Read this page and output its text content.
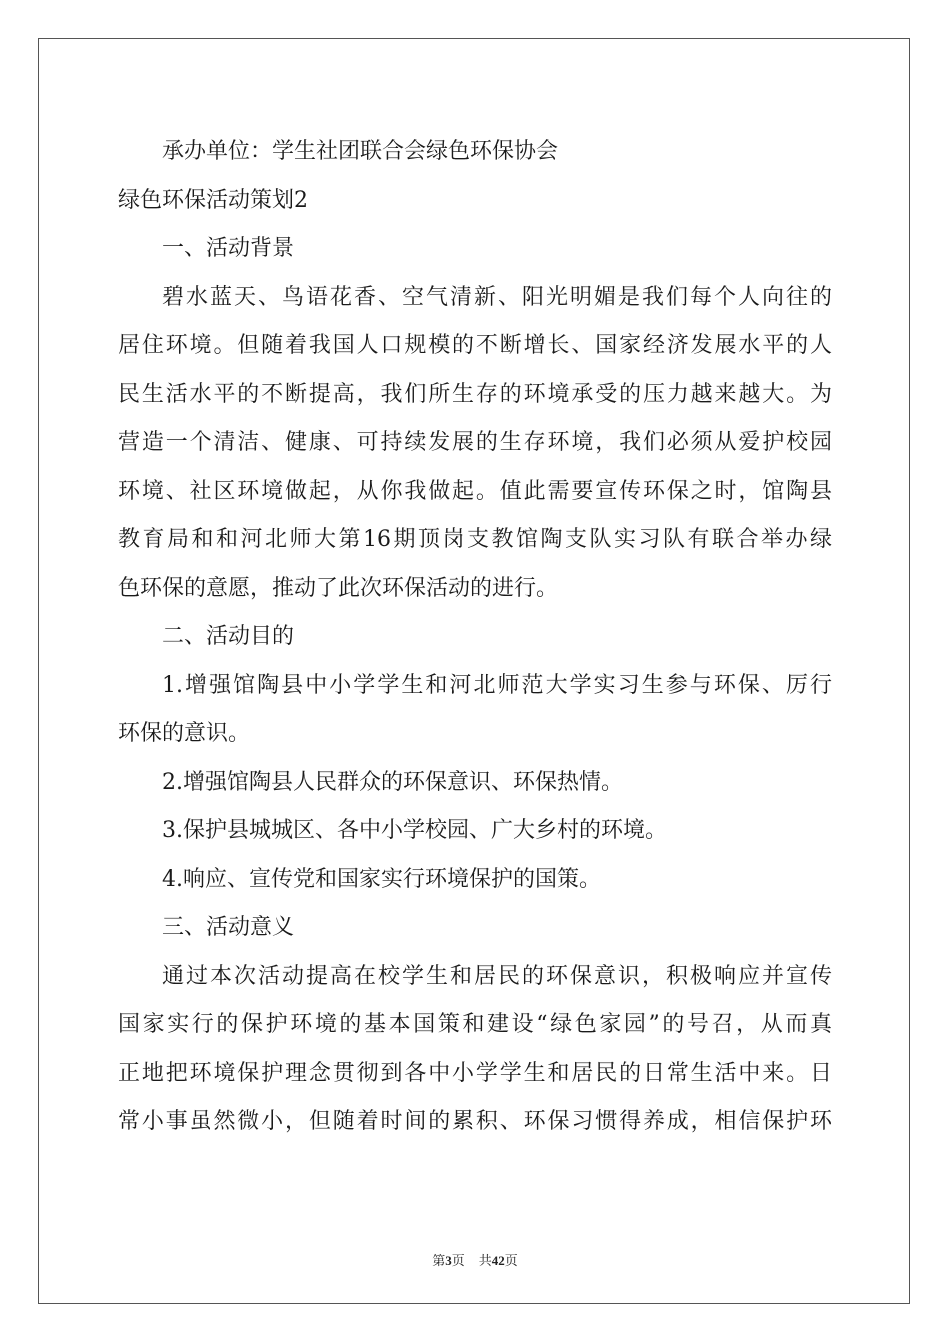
承办单位：学生社团联合会绿色环保协会
绿色环保活动策划2
一、活动背景
碧水蓝天、鸟语花香、空气清新、阳光明媚是我们每个人向往的
居住环境。但随着我国人口规模的不断增长、国家经济发展水平的人
民生活水平的不断提高，我们所生存的环境承受的压力越来越大。为
营造一个清洁、健康、可持续发展的生存环境，我们必须从爱护校园
环境、社区环境做起，从你我做起。值此需要宣传环保之时，馆陶县
教育局和和河北师大第16期顶岗支教馆陶支队实习队有联合举办绿
色环保的意愿，推动了此次环保活动的进行。
二、活动目的
1.增强馆陶县中小学学生和河北师范大学实习生参与环保、厉行
环保的意识。
2.增强馆陶县人民群众的环保意识、环保热情。
3.保护县城城区、各中小学校园、广大乡村的环境。
4.响应、宣传党和国家实行环境保护的国策。
三、活动意义
通过本次活动提高在校学生和居民的环保意识，积极响应并宣传
国家实行的保护环境的基本国策和建设“绿色家园”的号召，从而真
正地把环境保护理念贯彻到各中小学学生和居民的日常生活中来。日
常小事虽然微小，但随着时间的累积、环保习惯得养成，相信保护环
第3页 共42页
